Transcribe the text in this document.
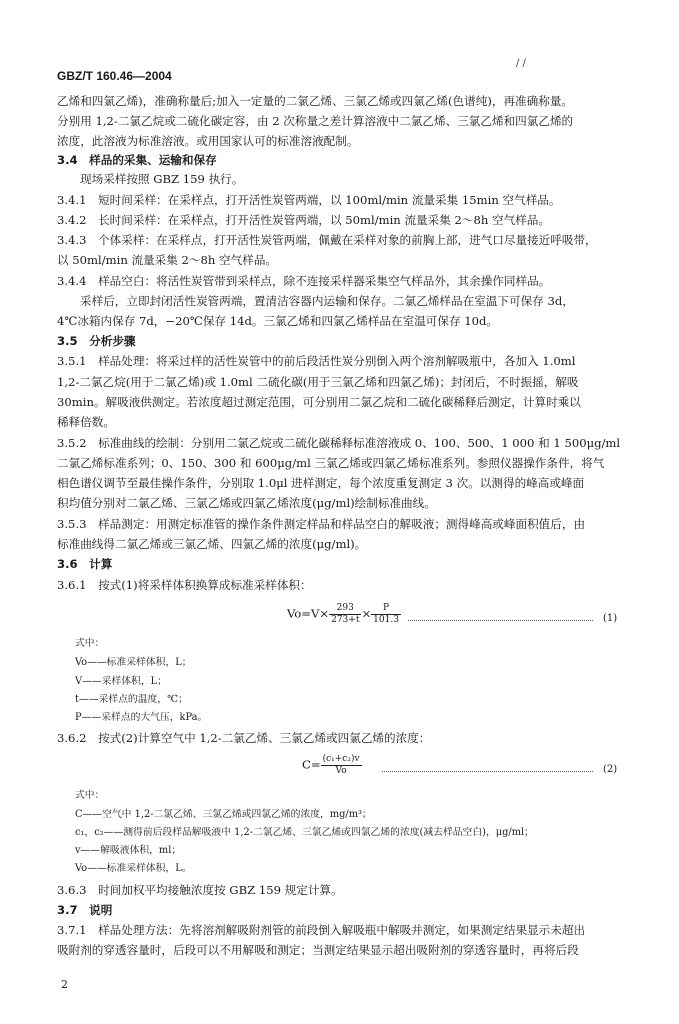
/ /
GBZ/T 160.46—2004
乙烯和四氯乙烯)，准确称量后;加入一定量的二氯乙烯、三氯乙烯或四氯乙烯(色谱纯)，再准确称量。
分别用 1,2-二氯乙烷或二硫化碳定容，由 2 次称量之差计算溶液中二氯乙烯、三氯乙烯和四氯乙烯的
浓度，此溶液为标准溶液。或用国家认可的标准溶液配制。
3.4　样品的采集、运输和保存
现场采样按照 GBZ 159 执行。
3.4.1　短时间采样：在采样点，打开活性炭管两端，以 100ml/min 流量采集 15min 空气样品。
3.4.2　长时间采样：在采样点，打开活性炭管两端，以 50ml/min 流量采集 2～8h 空气样品。
3.4.3　个体采样：在采样点，打开活性炭管两端，佩戴在采样对象的前胸上部，进气口尽量接近呼吸带，
以 50ml/min 流量采集 2～8h 空气样品。
3.4.4　样品空白：将活性炭管带到采样点，除不连接采样器采集空气样品外，其余操作同样品。
采样后，立即封闭活性炭管两端，置清洁容器内运输和保存。二氯乙烯样品在室温下可保存 3d，
4℃冰箱内保存 7d，−20℃保存 14d。三氯乙烯和四氯乙烯样品在室温可保存 10d。
3.5　分析步骤
3.5.1　样品处理：将采过样的活性炭管中的前后段活性炭分别倒入两个溶剂解吸瓶中，各加入 1.0ml
1,2-二氯乙烷(用于二氯乙烯)或 1.0ml 二硫化碳(用于三氯乙烯和四氯乙烯)；封闭后，不时振摇，解吸
30min。解吸液供测定。若浓度超过测定范围，可分别用二氯乙烷和二硫化碳稀释后测定，计算时乘以
稀释倍数。
3.5.2　标准曲线的绘制：分别用二氯乙烷或二硫化碳稀释标准溶液成 0、100、500、1 000 和 1 500μg/ml
二氯乙烯标准系列；0、150、300 和 600μg/ml 三氯乙烯或四氯乙烯标准系列。参照仪器操作条件，将气
相色谱仪调节至最佳操作条件，分别取 1.0μl 进样测定，每个浓度重复测定 3 次。以测得的峰高或峰面
积均值分别对二氯乙烯、三氯乙烯或四氯乙烯浓度(μg/ml)绘制标准曲线。
3.5.3　样品测定：用测定标准管的操作条件测定样品和样品空白的解吸液；测得峰高或峰面积值后，由
标准曲线得二氯乙烯或三氯乙烯、四氯乙烯的浓度(μg/ml)。
3.6　计算
3.6.1　按式(1)将采样体积换算成标准采样体积：
$Vo=V\times \frac{293}{273+t} \times \frac{P}{101.3}$	(1)
式中：
Vo——标准采样体积，L；
V——采样体积，L；
t——采样点的温度，℃；
P——采样点的大气压，kPa。
3.6.2　按式(2)计算空气中 1,2-二氯乙烯、三氯乙烯或四氯乙烯的浓度：
$C= \frac{\text{(c₁+c₂)v}}{Vo}$	(2)
式中：
C——空气中 1,2-二氯乙烯、三氯乙烯或四氯乙烯的浓度，mg/m³；
c₁，c₂——测得前后段样品解吸液中 1,2-二氯乙烯、三氯乙烯或四氯乙烯的浓度(减去样品空白)，μg/ml；
v——解吸液体积，ml；
Vo——标准采样体积，L。
3.6.3　时间加权平均接触浓度按 GBZ 159 规定计算。
3.7　说明
3.7.1　样品处理方法：先将溶剂解吸附剂管的前段倒入解吸瓶中解吸并测定，如果测定结果显示未超出
吸附剂的穿透容量时，后段可以不用解吸和测定；当测定结果显示超出吸附剂的穿透容量时，再将后段
2
